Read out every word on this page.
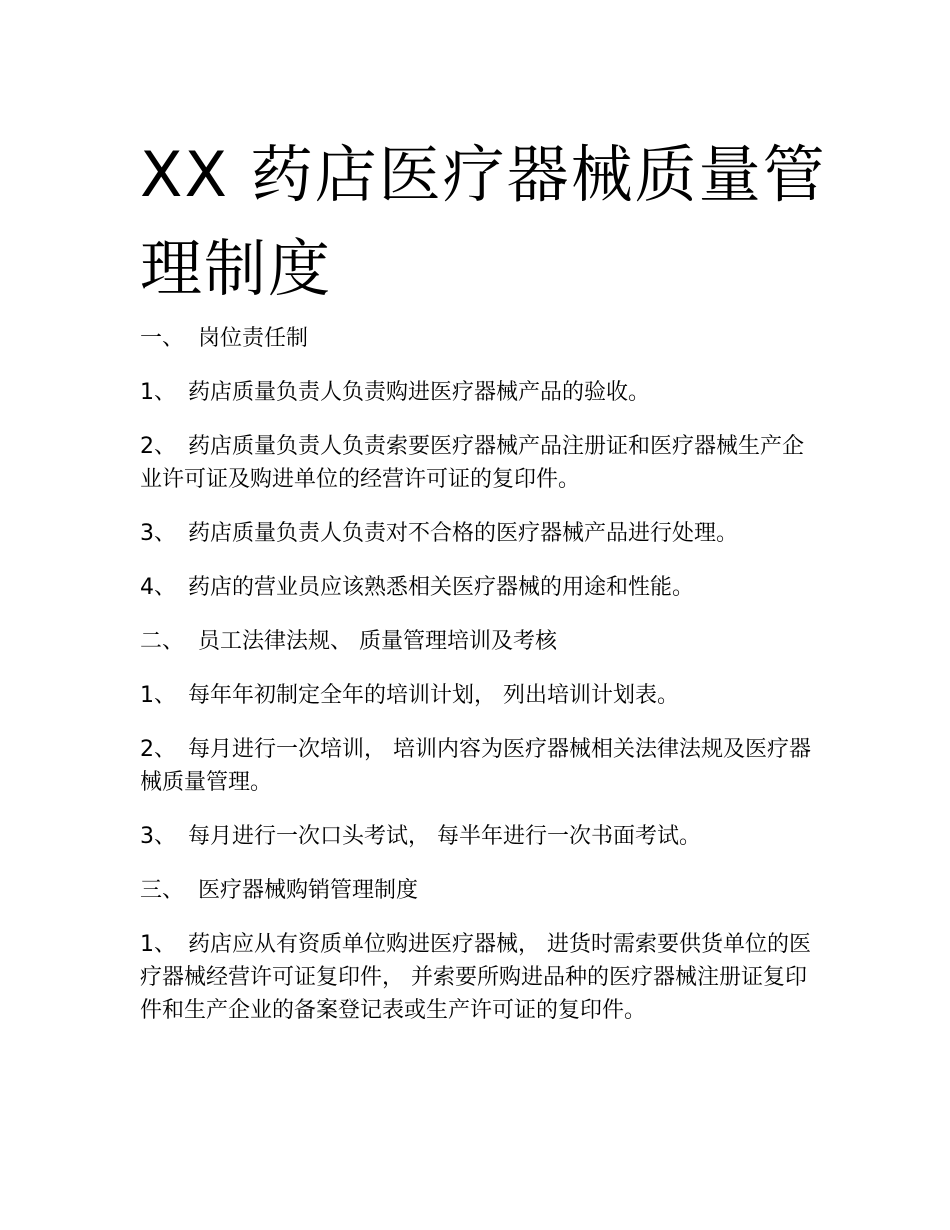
XX 药店医疗器械质量管理制度

一、 岗位责任制

1、 药店质量负责人负责购进医疗器械产品的验收。

2、 药店质量负责人负责索要医疗器械产品注册证和医疗器械生产企业许可证及购进单位的经营许可证的复印件。

3、 药店质量负责人负责对不合格的医疗器械产品进行处理。

4、 药店的营业员应该熟悉相关医疗器械的用途和性能。

二、 员工法律法规、 质量管理培训及考核

1、 每年年初制定全年的培训计划， 列出培训计划表。

2、 每月进行一次培训， 培训内容为医疗器械相关法律法规及医疗器械质量管理。

3、 每月进行一次口头考试， 每半年进行一次书面考试。

三、 医疗器械购销管理制度

1、 药店应从有资质单位购进医疗器械， 进货时需索要供货单位的医疗器械经营许可证复印件， 并索要所购进品种的医疗器械注册证复印件和生产企业的备案登记表或生产许可证的复印件。
